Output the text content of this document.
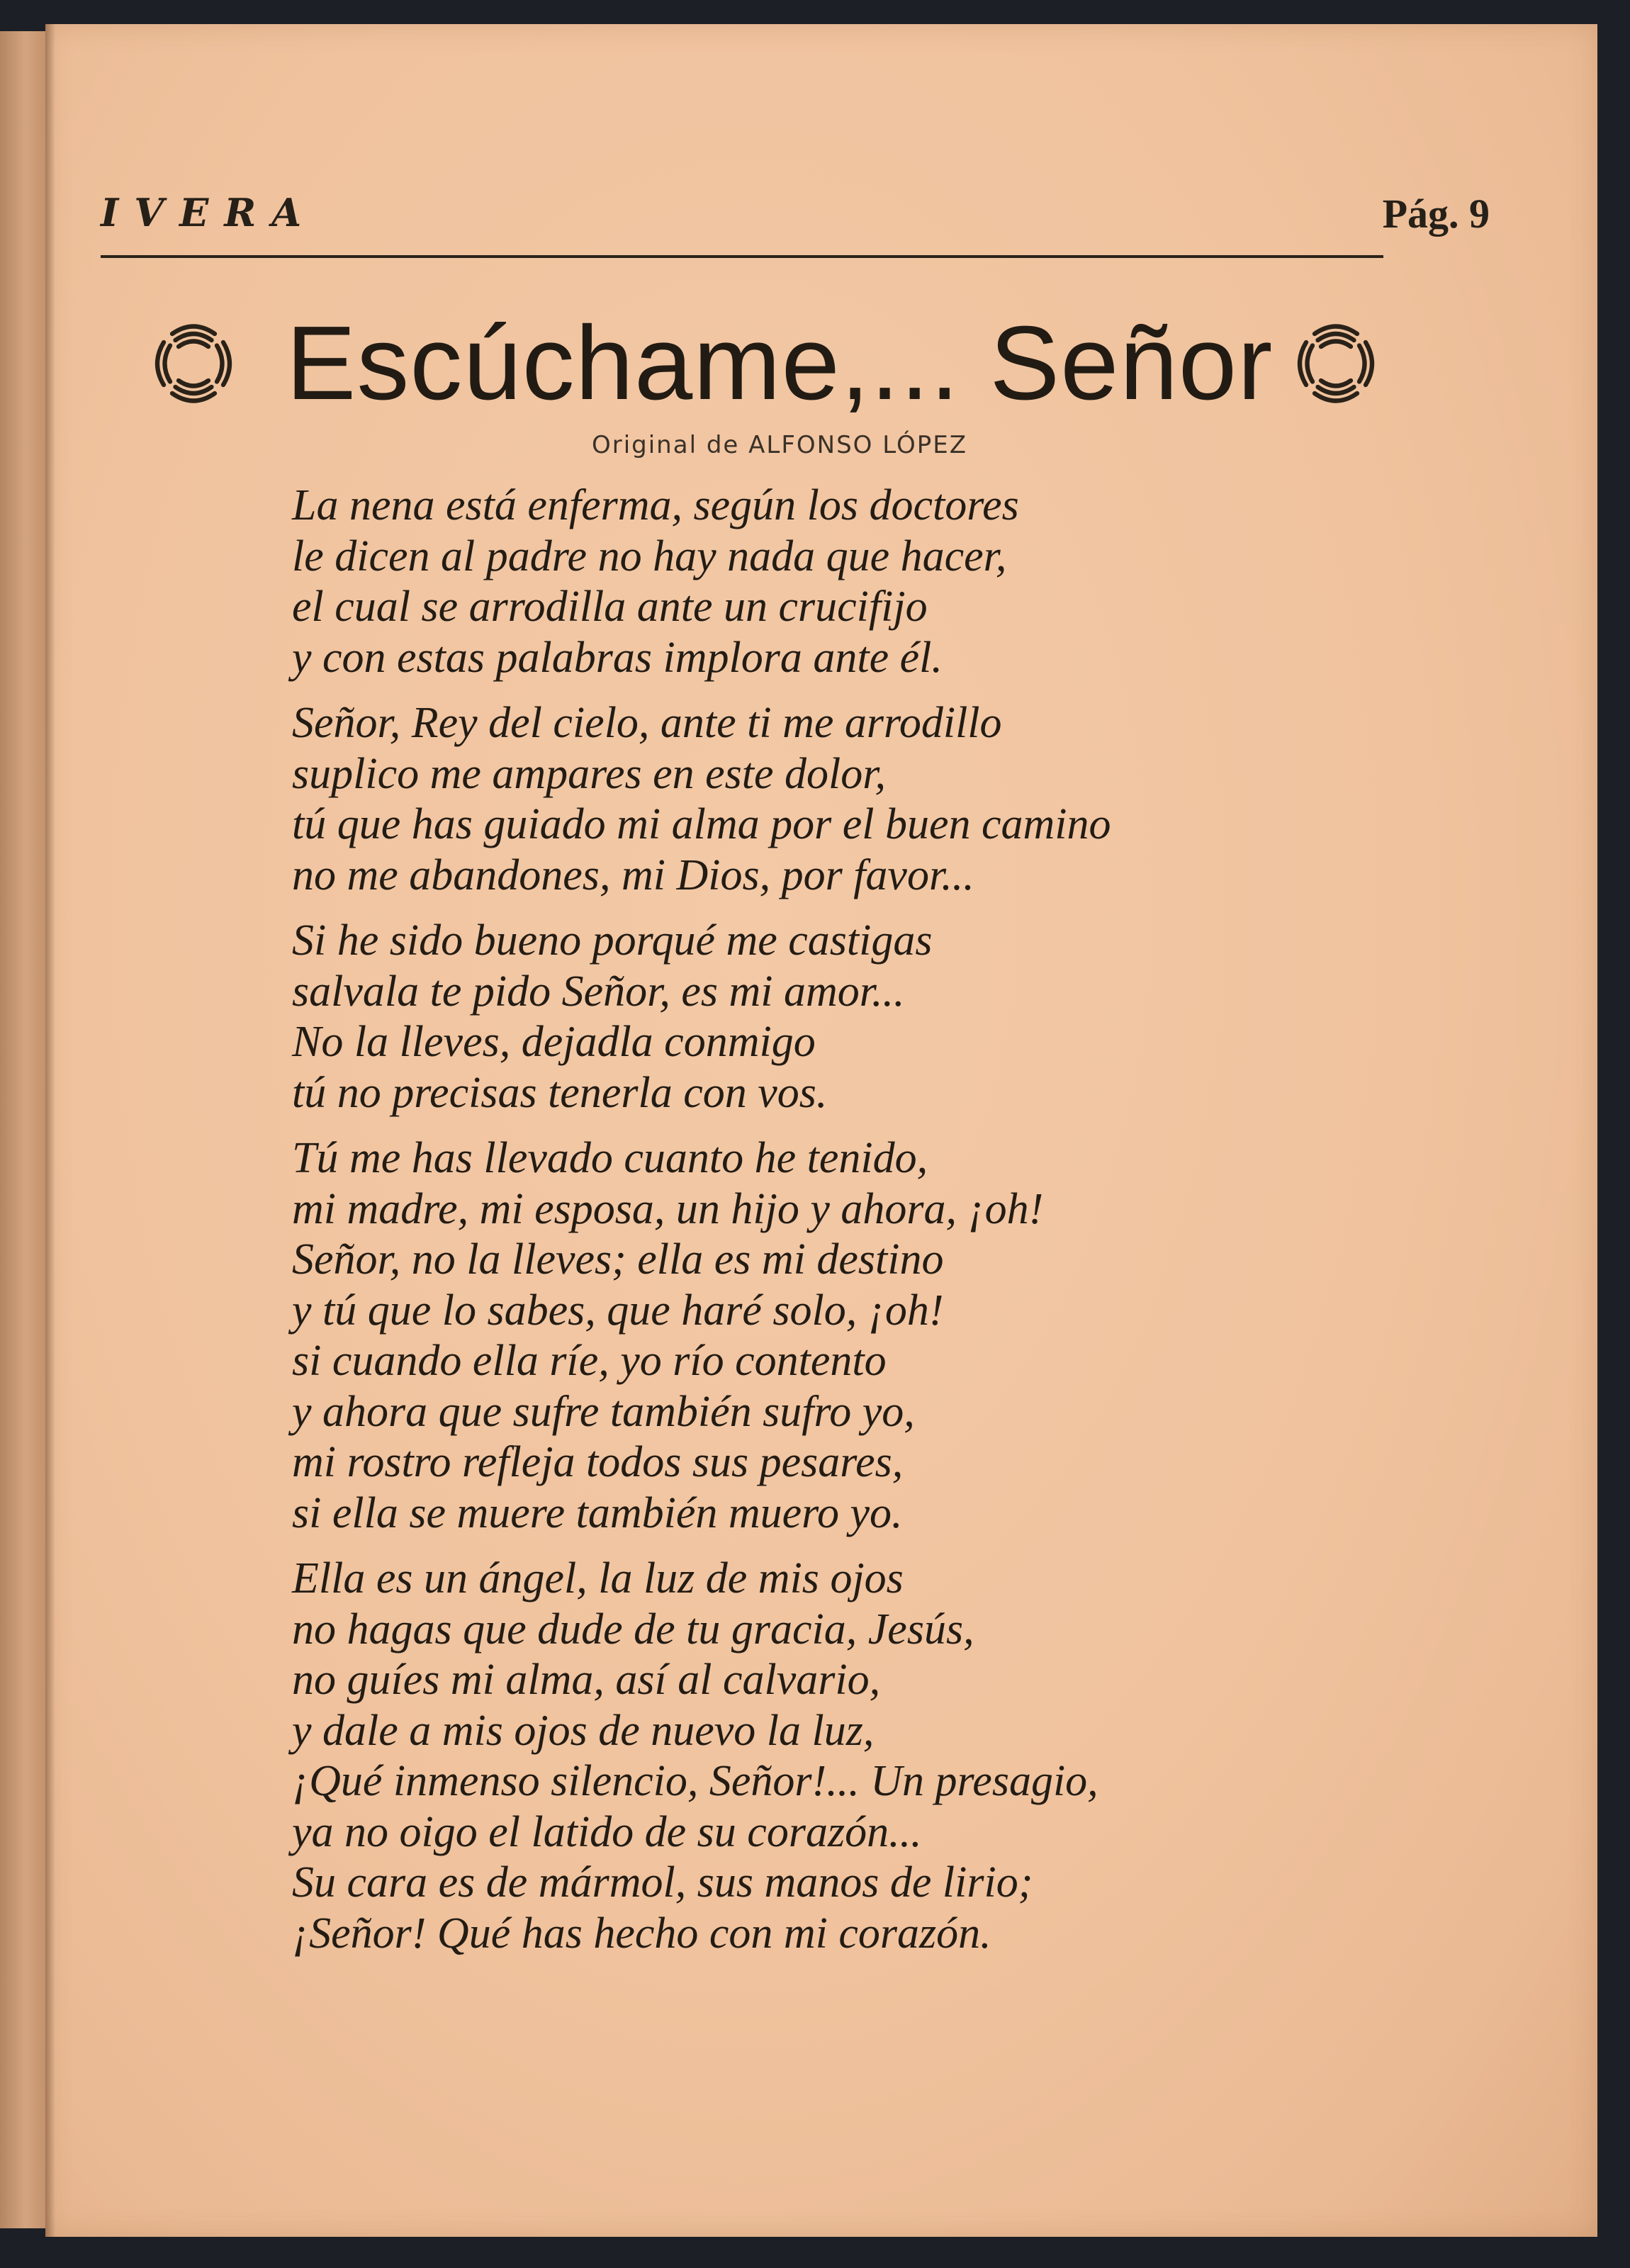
IVERA	Pág. 9
Escúchame,... Señor
Original de ALFONSO LÓPEZ
La nena está enferma, según los doctores
le dicen al padre no hay nada que hacer,
el cual se arrodilla ante un crucifijo
y con estas palabras implora ante él.
Señor, Rey del cielo, ante ti me arrodillo
suplico me ampares en este dolor,
tú que has guiado mi alma por el buen camino
no me abandones, mi Dios, por favor...
Si he sido bueno porqué me castigas
salvala te pido Señor, es mi amor...
No la lleves, dejadla conmigo
tú no precisas tenerla con vos.
Tú me has llevado cuanto he tenido,
mi madre, mi esposa, un hijo y ahora, ¡oh!
Señor, no la lleves; ella es mi destino
y tú que lo sabes, que haré solo, ¡oh!
si cuando ella ríe, yo río contento
y ahora que sufre también sufro yo,
mi rostro refleja todos sus pesares,
si ella se muere también muero yo.
Ella es un ángel, la luz de mis ojos
no hagas que dude de tu gracia, Jesús,
no guíes mi alma, así al calvario,
y dale a mis ojos de nuevo la luz,
¡Qué inmenso silencio, Señor!... Un presagio,
ya no oigo el latido de su corazón...
Su cara es de mármol, sus manos de lirio;
¡Señor! Qué has hecho con mi corazón.
